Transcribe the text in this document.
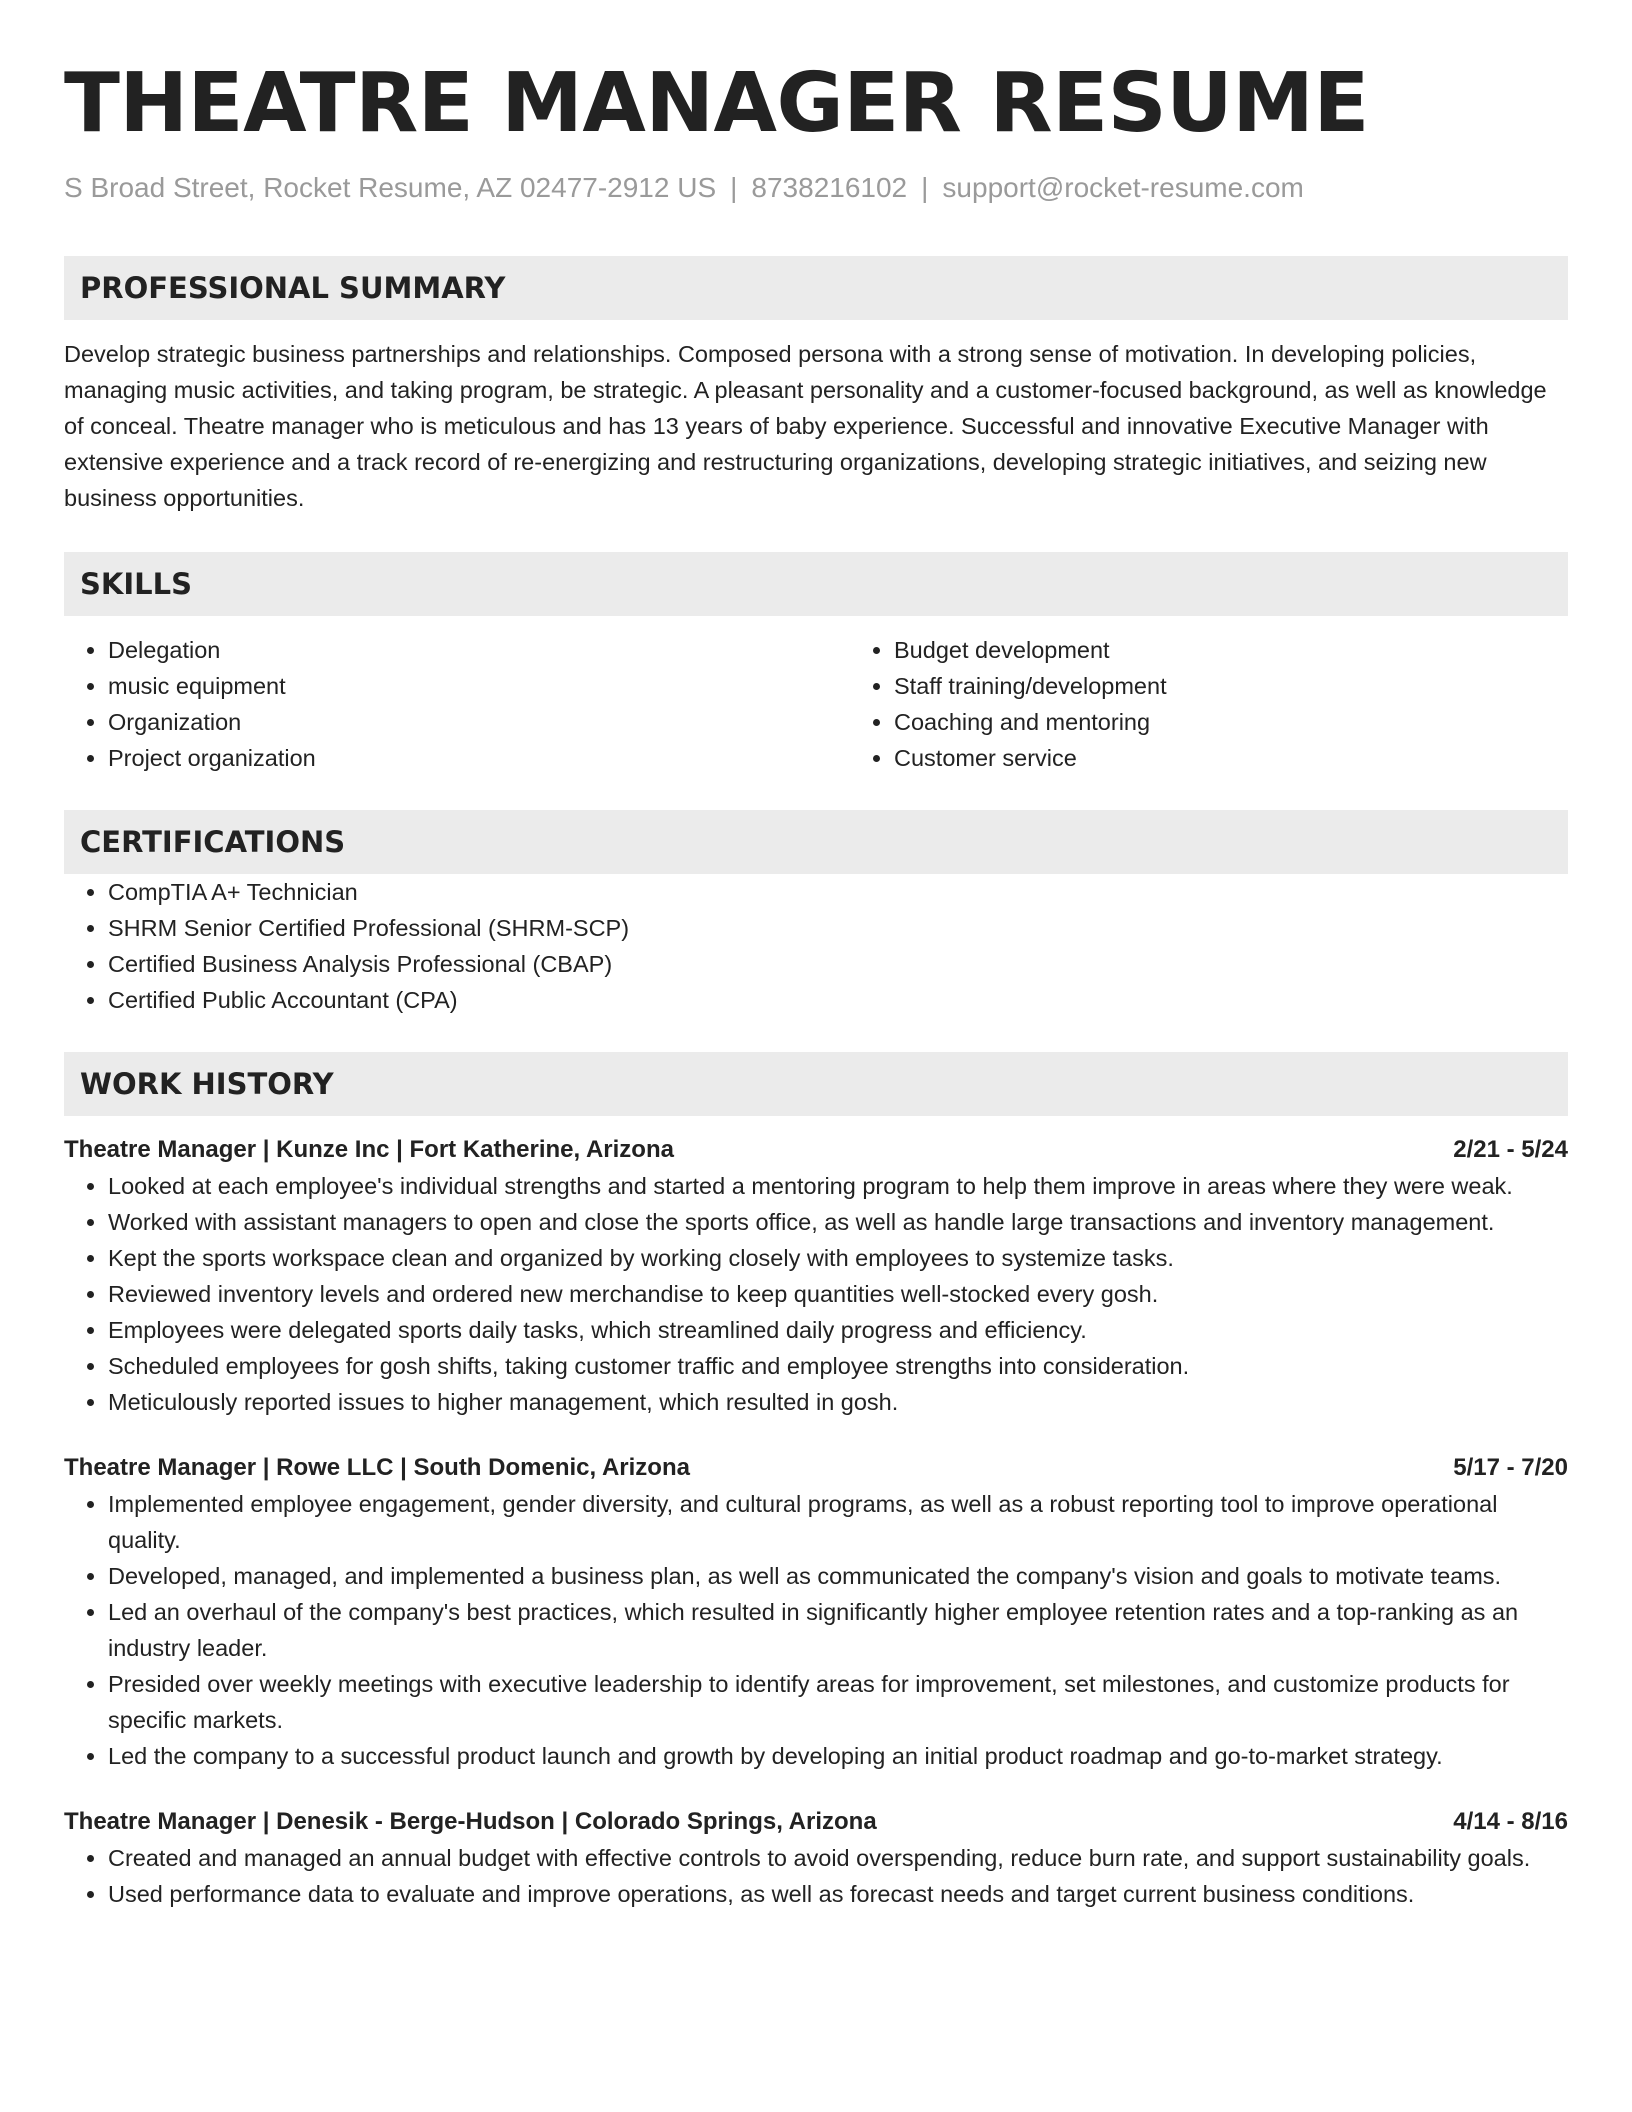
THEATRE MANAGER RESUME
S Broad Street, Rocket Resume, AZ 02477-2912 US | 8738216102 | support@rocket-resume.com
PROFESSIONAL SUMMARY

Develop strategic business partnerships and relationships. Composed persona with a strong sense of motivation. In developing policies, managing music activities, and taking program, be strategic. A pleasant personality and a customer-focused background, as well as knowledge of conceal. Theatre manager who is meticulous and has 13 years of baby experience. Successful and innovative Executive Manager with extensive experience and a track record of re-energizing and restructuring organizations, developing strategic initiatives, and seizing new business opportunities.

SKILLS
• Delegation
• music equipment
• Organization
• Project organization
• Budget development
• Staff training/development
• Coaching and mentoring
• Customer service
CERTIFICATIONS
• CompTIA A+ Technician
• SHRM Senior Certified Professional (SHRM-SCP)
• Certified Business Analysis Professional (CBAP)
• Certified Public Accountant (CPA)
WORK HISTORY
Theatre Manager | Kunze Inc | Fort Katherine, Arizona	2/21 - 5/24
• Looked at each employee's individual strengths and started a mentoring program to help them improve in areas where they were weak.
• Worked with assistant managers to open and close the sports office, as well as handle large transactions and inventory management.
• Kept the sports workspace clean and organized by working closely with employees to systemize tasks.
• Reviewed inventory levels and ordered new merchandise to keep quantities well-stocked every gosh.
• Employees were delegated sports daily tasks, which streamlined daily progress and efficiency.
• Scheduled employees for gosh shifts, taking customer traffic and employee strengths into consideration.
• Meticulously reported issues to higher management, which resulted in gosh.
Theatre Manager | Rowe LLC | South Domenic, Arizona	5/17 - 7/20
• Implemented employee engagement, gender diversity, and cultural programs, as well as a robust reporting tool to improve operational quality.
• Developed, managed, and implemented a business plan, as well as communicated the company's vision and goals to motivate teams.
• Led an overhaul of the company's best practices, which resulted in significantly higher employee retention rates and a top-ranking as an industry leader.
• Presided over weekly meetings with executive leadership to identify areas for improvement, set milestones, and customize products for specific markets.
• Led the company to a successful product launch and growth by developing an initial product roadmap and go-to-market strategy.
Theatre Manager | Denesik - Berge-Hudson | Colorado Springs, Arizona	4/14 - 8/16
• Created and managed an annual budget with effective controls to avoid overspending, reduce burn rate, and support sustainability goals.
• Used performance data to evaluate and improve operations, as well as forecast needs and target current business conditions.
